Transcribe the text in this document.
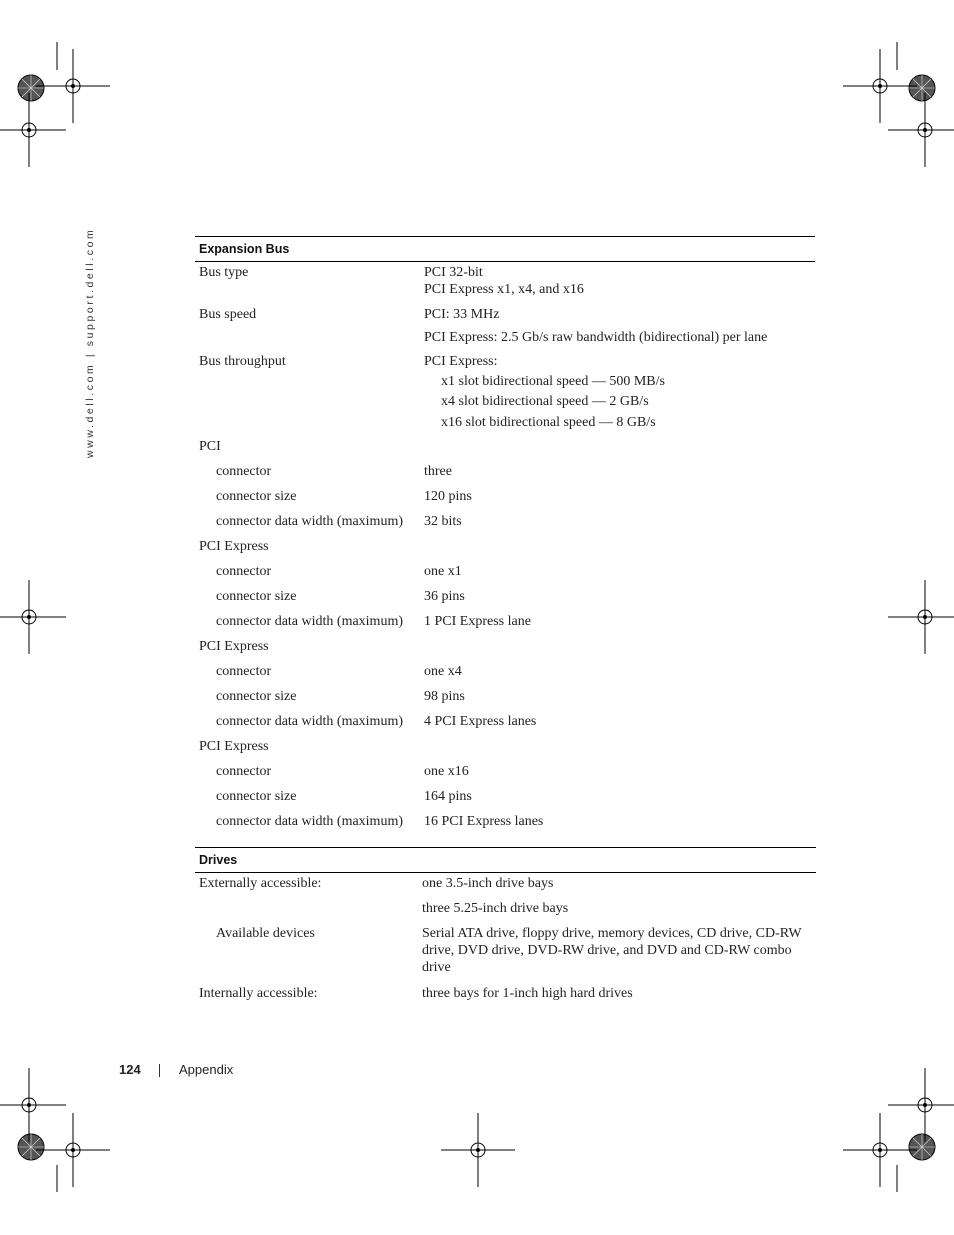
www.dell.com | support.dell.com	Expansion Bus
Bus type	PCI 32-bit
PCI Express x1, x4, and x16
Bus speed	PCI: 33 MHz
PCI Express: 2.5 Gb/s raw bandwidth (bidirectional) per lane
Bus throughput	PCI Express:
x1 slot bidirectional speed — 500 MB/s
x4 slot bidirectional speed — 2 GB/s
x16 slot bidirectional speed — 8 GB/s
PCI
connector	three
connector size	120 pins
connector data width (maximum) 32 bits
PCI Express
connector	one x1
connector size	36 pins
connector data width (maximum) 1 PCI Express lane
PCI Express
connector	one x4
connector size	98 pins
connector data width (maximum) 4 PCI Express lanes
PCI Express
connector	one x16
connector size	164 pins
connector data width (maximum) 16 PCI Express lanes
Drives
Externally accessible:	one 3.5-inch drive bays
three 5.25-inch drive bays
Available devices	Serial ATA drive, floppy drive, memory devices, CD drive, CD-RW drive, DVD drive, DVD-RW drive, and DVD and CD-RW combo drive
Internally accessible:	three bays for 1-inch high hard drives
124	Appendix
